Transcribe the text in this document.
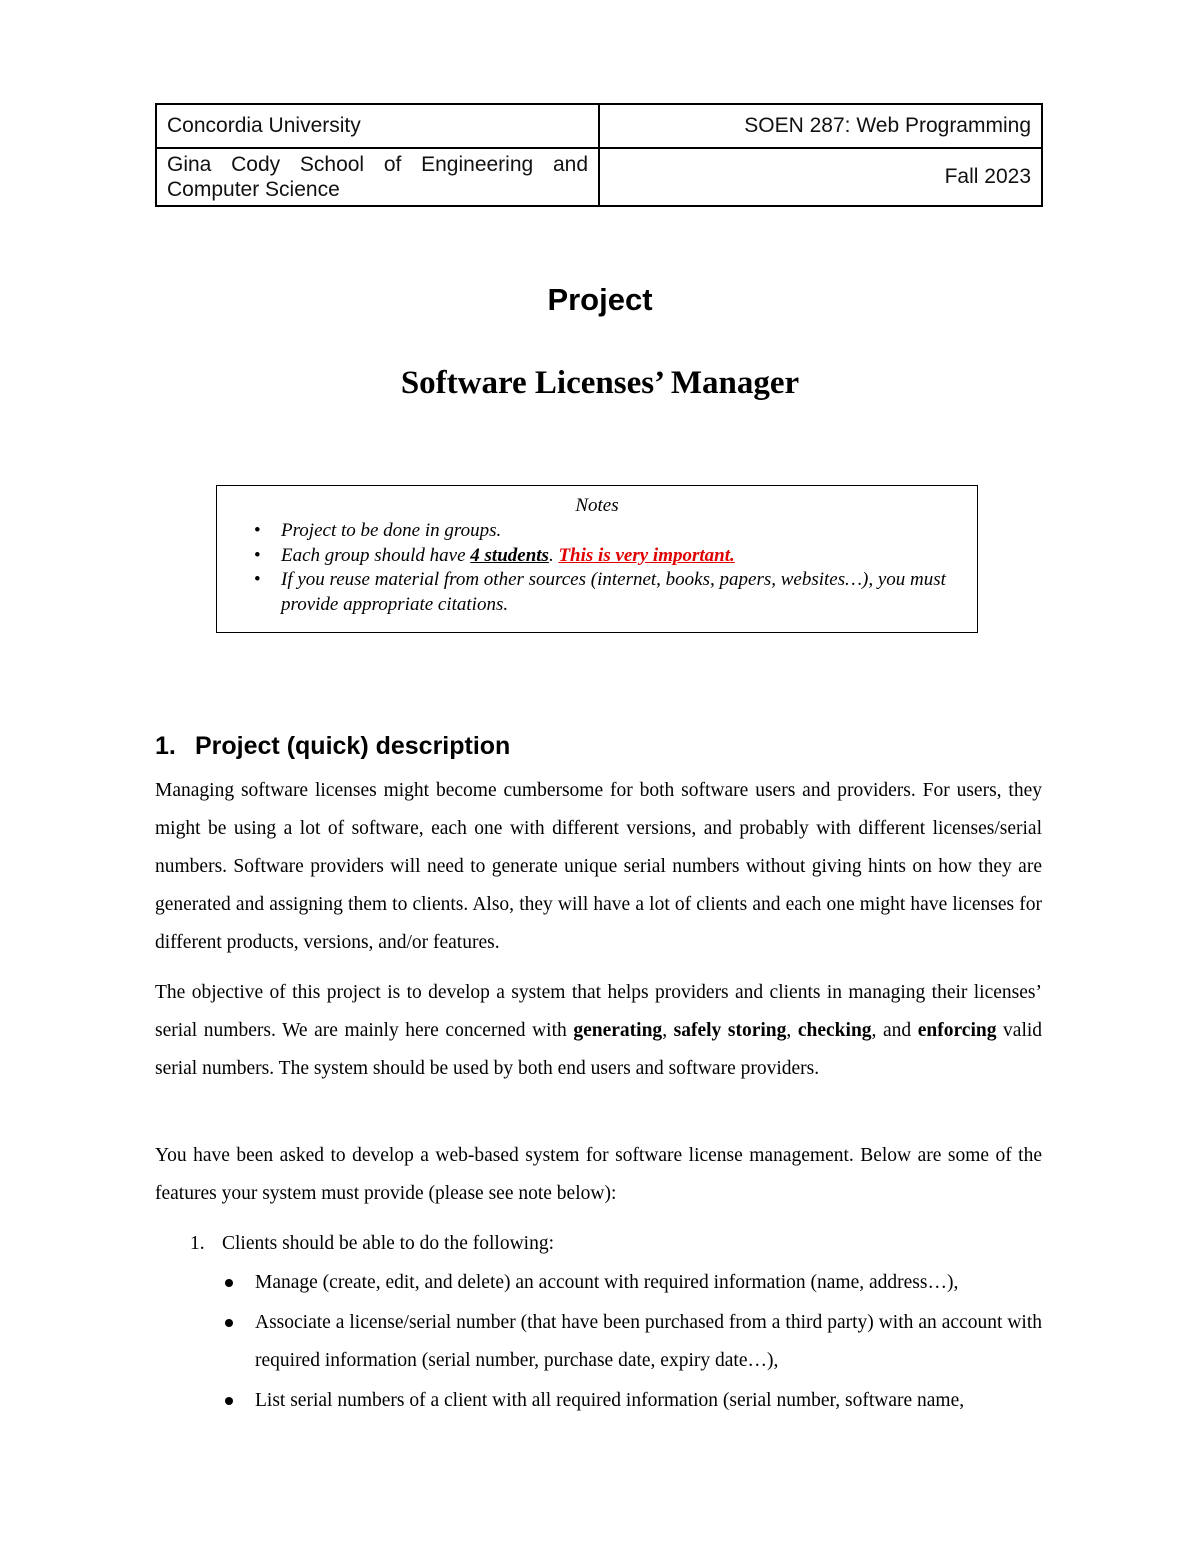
Concordia University	SOEN 287: Web Programming
Gina Cody School of Engineering and Computer Science	Fall 2023
Project
Software Licenses’ Manager
Notes
• Project to be done in groups.
• Each group should have 4 students. This is very important.
• If you reuse material from other sources (internet, books, papers, websites…), you must provide appropriate citations.
1. Project (quick) description

Managing software licenses might become cumbersome for both software users and providers. For users, they might be using a lot of software, each one with different versions, and probably with different licenses/serial numbers. Software providers will need to generate unique serial numbers without giving hints on how they are generated and assigning them to clients. Also, they will have a lot of clients and each one might have licenses for different products, versions, and/or features.

The objective of this project is to develop a system that helps providers and clients in managing their licenses’ serial numbers. We are mainly here concerned with generating, safely storing, checking, and enforcing valid serial numbers. The system should be used by both end users and software providers.

You have been asked to develop a web-based system for software license management. Below are some of the features your system must provide (please see note below):

1. Clients should be able to do the following:
Manage (create, edit, and delete) an account with required information (name, address…),
Associate a license/serial number (that have been purchased from a third party) with an account with required information (serial number, purchase date, expiry date…),
List serial numbers of a client with all required information (serial number, software name,
